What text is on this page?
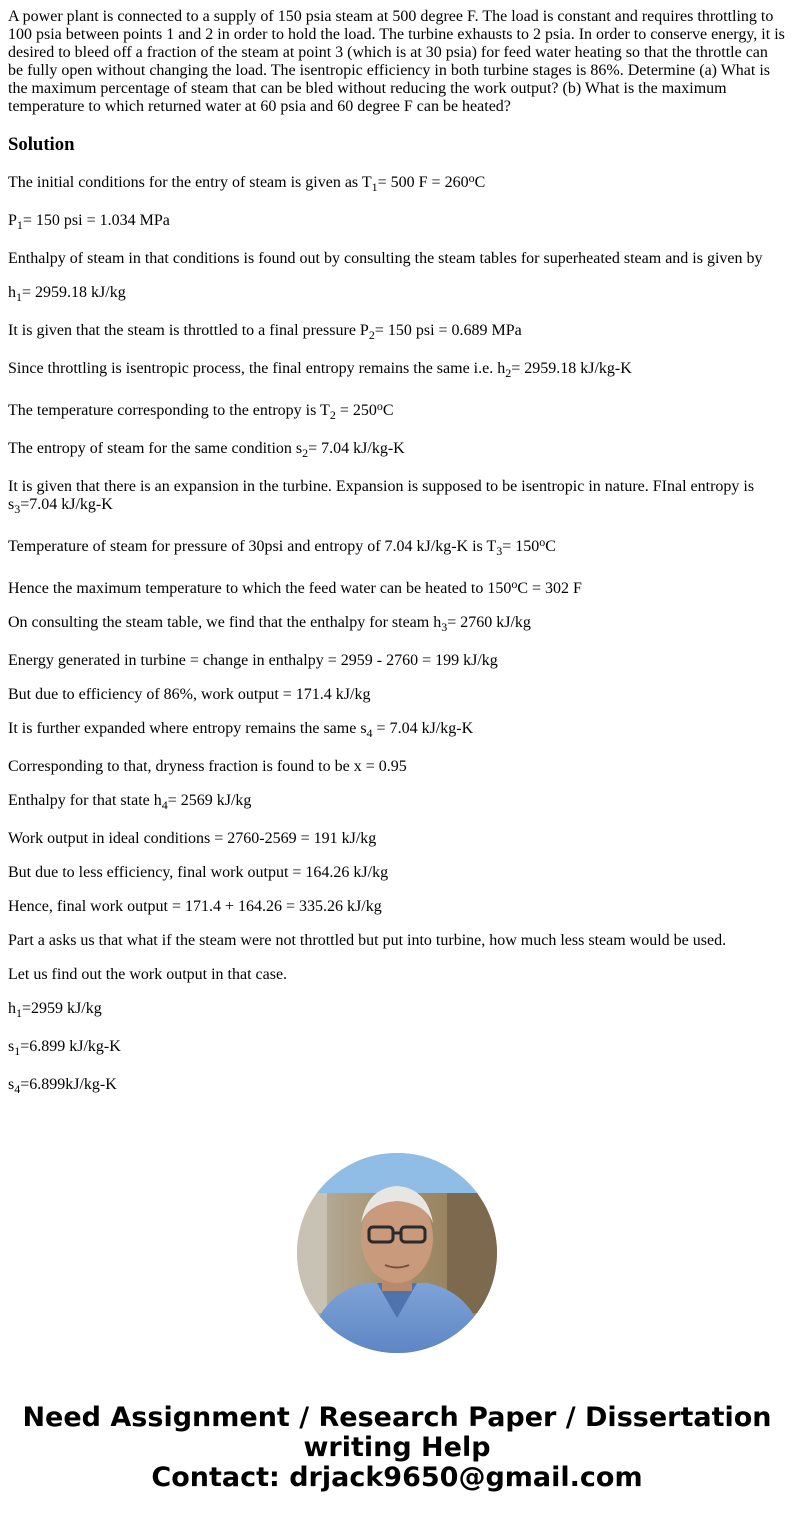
A power plant is connected to a supply of 150 psia steam at 500 degree F. The load is constant and requires throttling to 100 psia between points 1 and 2 in order to hold the load. The turbine exhausts to 2 psia. In order to conserve energy, it is desired to bleed off a fraction of the steam at point 3 (which is at 30 psia) for feed water heating so that the throttle can be fully open without changing the load. The isentropic efficiency in both turbine stages is 86%. Determine (a) What is the maximum percentage of steam that can be bled without reducing the work output? (b) What is the maximum temperature to which returned water at 60 psia and 60 degree F can be heated?
Solution
The initial conditions for the entry of steam is given as $T_1= 500$ $F = 260^oC$
$P_1= 150$ psi = 1.034 MPa
Enthalpy of steam in that conditions is found out by consulting the steam tables for superheated steam and is given by
$h_1= 2959.18$ kJ/kg
It is given that the steam is throttled to a final pressure $P_2= 150$ psi = 0.689 MPa
Since throttling is isentropic process, the final entropy remains the same i.e. $h_2= 2959.18$ kJ/kg-K
The temperature corresponding to the entropy is $T_2 = 250^oC$
The entropy of steam for the same condition $s_2= 7.04$ kJ/kg-K
It is given that there is an expansion in the turbine. Expansion is supposed to be isentropic in nature. FInal entropy is $s_3=7.04$ kJ/kg-K
Temperature of steam for pressure of 30psi and entropy of 7.04 kJ/kg-K is $T_3= 150^oC$
Hence the maximum temperature to which the feed water can be heated to $150^oC = 302$ F
On consulting the steam table, we find that the enthalpy for steam $h_3= 2760$ kJ/kg
Energy generated in turbine = change in enthalpy = 2959 - 2760 = 199 kJ/kg
But due to efficiency of 86%, work output = 171.4 kJ/kg
It is further expanded where entropy remains the same $s_4 = 7.04$ kJ/kg-K
Corresponding to that, dryness fraction is found to be x = 0.95
Enthalpy for that state $h_4= 2569$ kJ/kg
Work output in ideal conditions = 2760-2569 = 191 kJ/kg
But due to less efficiency, final work output = 164.26 kJ/kg
Hence, final work output = 171.4 + 164.26 = 335.26 kJ/kg
Part a asks us that what if the steam were not throttled but put into turbine, how much less steam would be used.
Let us find out the work output in that case.
$h_1=2959$ kJ/kg
$s_1=6.899$ kJ/kg-K
$s_4=6.899kJ/kg-K$
Need Assignment / Research Paper / Dissertation
writing Help
Contact: drjack9650@gmail.com
